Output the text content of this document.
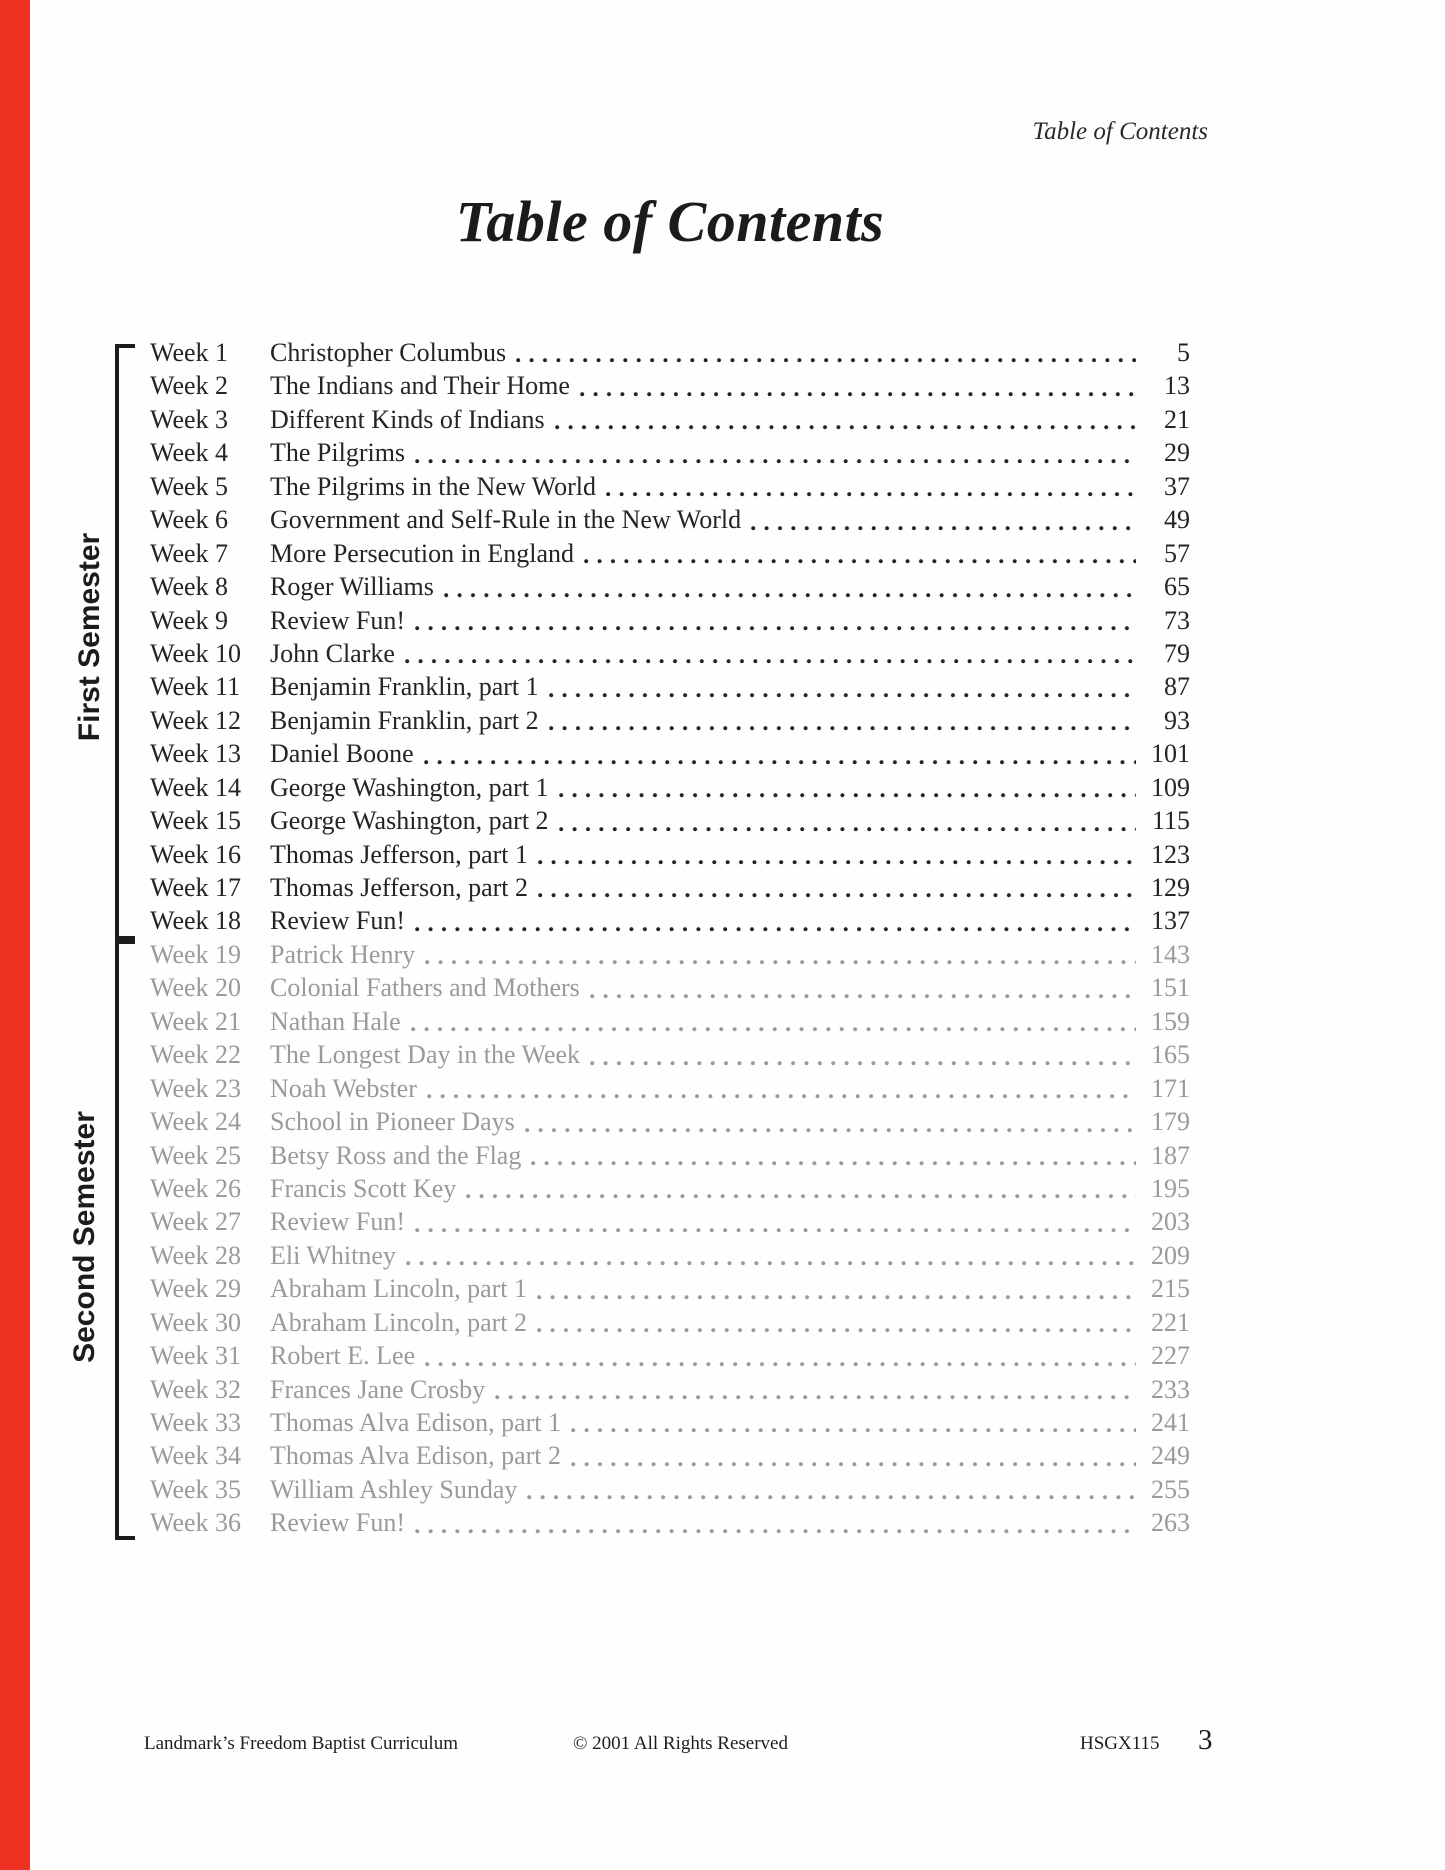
Table of Contents
Table of Contents
First Semester
Second Semester
Week 1	Christopher Columbus	5
Week 2	The Indians and Their Home	13
Week 3	Different Kinds of Indians	21
Week 4	The Pilgrims	29
Week 5	The Pilgrims in the New World	37
Week 6	Government and Self-Rule in the New World	49
Week 7	More Persecution in England	57
Week 8	Roger Williams	65
Week 9	Review Fun!	73
Week 10	John Clarke	79
Week 11	Benjamin Franklin, part 1	87
Week 12	Benjamin Franklin, part 2	93
Week 13	Daniel Boone	101
Week 14	George Washington, part 1	109
Week 15	George Washington, part 2	115
Week 16	Thomas Jefferson, part 1	123
Week 17	Thomas Jefferson, part 2	129
Week 18	Review Fun!	137
Week 19	Patrick Henry	143
Week 20	Colonial Fathers and Mothers	151
Week 21	Nathan Hale	159
Week 22	The Longest Day in the Week	165
Week 23	Noah Webster	171
Week 24	School in Pioneer Days	179
Week 25	Betsy Ross and the Flag	187
Week 26	Francis Scott Key	195
Week 27	Review Fun!	203
Week 28	Eli Whitney	209
Week 29	Abraham Lincoln, part 1	215
Week 30	Abraham Lincoln, part 2	221
Week 31	Robert E. Lee	227
Week 32	Frances Jane Crosby	233
Week 33	Thomas Alva Edison, part 1	241
Week 34	Thomas Alva Edison, part 2	249
Week 35	William Ashley Sunday	255
Week 36	Review Fun!	263
Landmark’s Freedom Baptist Curriculum	© 2001 All Rights Reserved	HSGX115 3
